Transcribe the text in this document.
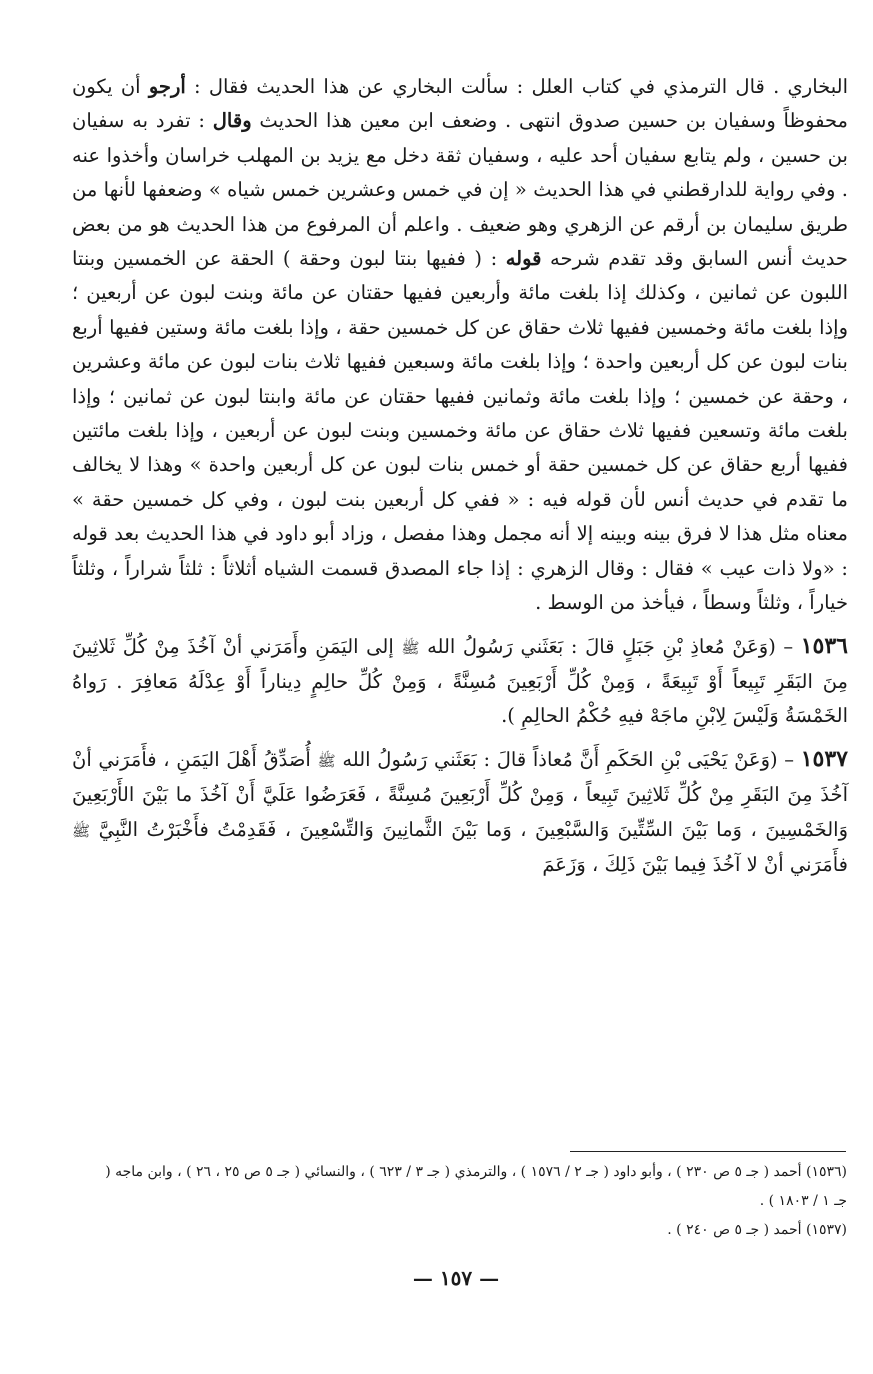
البخاري . قال الترمذي في كتاب العلل : سألت البخاري عن هذا الحديث فقال : أرجو أن يكون محفوظاً وسفيان بن حسين صدوق انتهى . وضعف ابن معين هذا الحديث وقال : تفرد به سفيان بن حسين ، ولم يتابع سفيان أحد عليه ، وسفيان ثقة دخل مع يزيد بن المهلب خراسان وأخذوا عنه . وفي رواية للدارقطني في هذا الحديث « إن في خمس وعشرين خمس شياه » وضعفها لأنها من طريق سليمان بن أرقم عن الزهري وهو ضعيف . واعلم أن المرفوع من هذا الحديث هو من بعض حديث أنس السابق وقد تقدم شرحه قوله : ( ففيها بنتا لبون وحقة ) الحقة عن الخمسين وبنتا اللبون عن ثمانين ، وكذلك إذا بلغت مائة وأربعين ففيها حقتان عن مائة وبنت لبون عن أربعين ؛ وإذا بلغت مائة وخمسين ففيها ثلاث حقاق عن كل خمسين حقة ، وإذا بلغت مائة وستين ففيها أربع بنات لبون عن كل أربعين واحدة ؛ وإذا بلغت مائة وسبعين ففيها ثلاث بنات لبون عن مائة وعشرين ، وحقة عن خمسين ؛ وإذا بلغت مائة وثمانين ففيها حقتان عن مائة وابنتا لبون عن ثمانين ؛ وإذا بلغت مائة وتسعين ففيها ثلاث حقاق عن مائة وخمسين وبنت لبون عن أربعين ، وإذا بلغت مائتين ففيها أربع حقاق عن كل خمسين حقة أو خمس بنات لبون عن كل أربعين واحدة » وهذا لا يخالف ما تقدم في حديث أنس لأن قوله فيه : « ففي كل أربعين بنت لبون ، وفي كل خمسين حقة » معناه مثل هذا لا فرق بينه وبينه إلا أنه مجمل وهذا مفصل ، وزاد أبو داود في هذا الحديث بعد قوله : «ولا ذات عيب » فقال : وقال الزهري : إذا جاء المصدق قسمت الشياه أثلاثاً : ثلثاً شراراً ، وثلثاً خياراً ، وثلثاً وسطاً ، فيأخذ من الوسط .

١٥٣٦ – (وَعَنْ مُعاذِ بْنِ جَبَلٍ قالَ : بَعَثَني رَسُولُ الله ﷺ إلى اليَمَنِ وأَمَرَني أنْ آخُذَ مِنْ كُلِّ ثَلاثِينَ مِنَ البَقَرِ تَبِيعاً أَوْ تَبِيعَةً ، وَمِنْ كُلِّ أَرْبَعِينَ مُسِنَّةً ، وَمِنْ كُلِّ حالِمٍ دِيناراً أَوْ عِدْلَهُ مَعافِرَ . رَواهُ الخَمْسَةُ وَلَيْسَ لِابْنِ ماجَهْ فيهِ حُكْمُ الحالِمِ ).

١٥٣٧ – (وَعَنْ يَحْيَى بْنِ الحَكَمِ أَنَّ مُعاذاً قالَ : بَعَثَني رَسُولُ الله ﷺ أُصَدِّقُ أَهْلَ اليَمَنِ ، فأَمَرَني أنْ آخُذَ مِنَ البَقَرِ مِنْ كُلِّ ثَلاثِينَ تَبِيعاً ، وَمِنْ كُلِّ أَرْبَعِينَ مُسِنَّةً ، فَعَرَضُوا عَلَيَّ أَنْ آخُذَ ما بَيْنَ الأَرْبَعِينَ وَالخَمْسِينَ ، وَما بَيْنَ السِّتِّينَ وَالسَّبْعِينَ ، وَما بَيْنَ الثَّمانِينَ وَالتِّسْعِينَ ، فَقَدِمْتُ فأَخْبَرْتُ النَّبِيَّ ﷺ فأَمَرَني أنْ لا آخُذَ فِيما بَيْنَ ذَلِكَ ، وَزَعَمَ

(١٥٣٦) أحمد ( جـ ٥ ص ٢٣٠ ) ، وأبو داود ( جـ ٢ / ١٥٧٦ ) ، والترمذي ( جـ ٣ / ٦٢٣ ) ، والنسائي ( جـ ٥ ص ٢٥ ، ٢٦ ) ، وابن ماجه ( جـ ١ / ١٨٠٣ ) .

(١٥٣٧) أحمد ( جـ ٥ ص ٢٤٠ ) .

— ١٥٧ —
